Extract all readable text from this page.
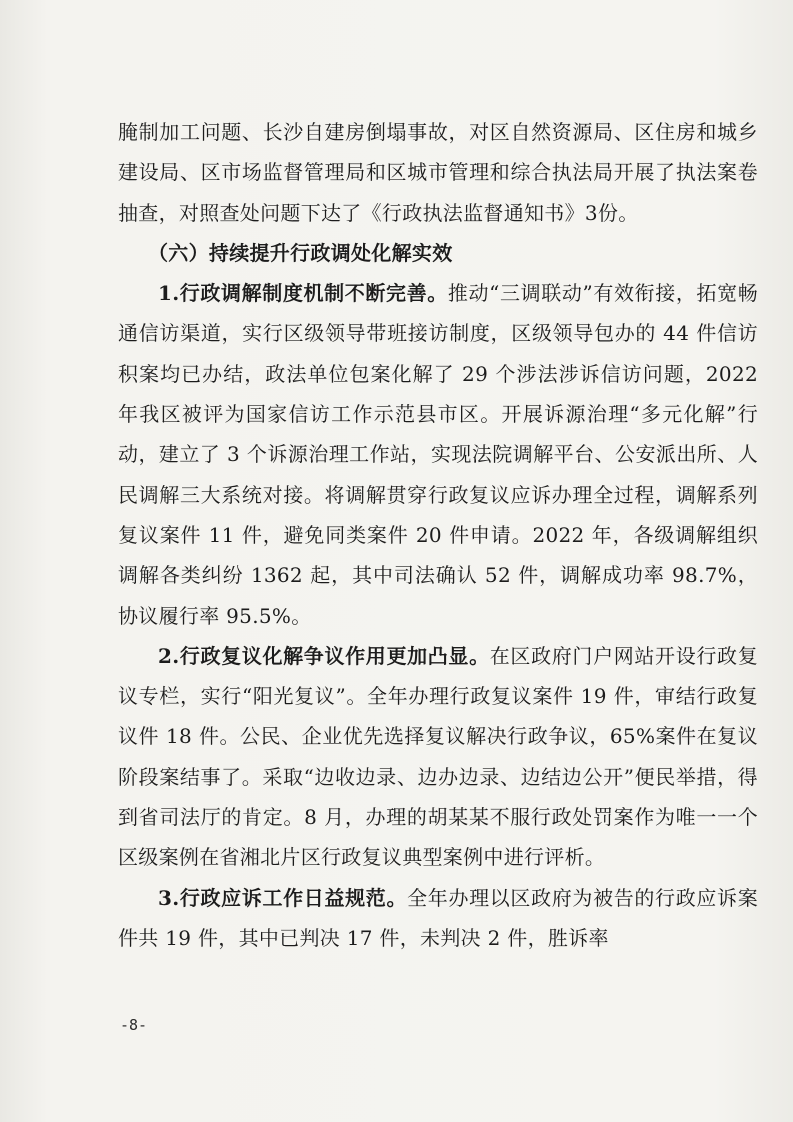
腌制加工问题、长沙自建房倒塌事故，对区自然资源局、区住房和城乡建设局、区市场监督管理局和区城市管理和综合执法局开展了执法案卷抽查，对照查处问题下达了《行政执法监督通知书》3份。

（六）持续提升行政调处化解实效

1.行政调解制度机制不断完善。推动“三调联动”有效衔接，拓宽畅通信访渠道，实行区级领导带班接访制度，区级领导包办的 44 件信访积案均已办结，政法单位包案化解了 29 个涉法涉诉信访问题，2022 年我区被评为国家信访工作示范县市区。开展诉源治理“多元化解”行动，建立了 3 个诉源治理工作站，实现法院调解平台、公安派出所、人民调解三大系统对接。将调解贯穿行政复议应诉办理全过程，调解系列复议案件 11 件，避免同类案件 20 件申请。2022 年，各级调解组织调解各类纠纷 1362 起，其中司法确认 52 件，调解成功率 98.7%，协议履行率 95.5%。

2.行政复议化解争议作用更加凸显。在区政府门户网站开设行政复议专栏，实行“阳光复议”。全年办理行政复议案件 19 件，审结行政复议件 18 件。公民、企业优先选择复议解决行政争议，65%案件在复议阶段案结事了。采取“边收边录、边办边录、边结边公开”便民举措，得到省司法厅的肯定。8 月，办理的胡某某不服行政处罚案作为唯一一个区级案例在省湘北片区行政复议典型案例中进行评析。

3.行政应诉工作日益规范。全年办理以区政府为被告的行政应诉案件共 19 件，其中已判决 17 件，未判决 2 件，胜诉率

-8-
